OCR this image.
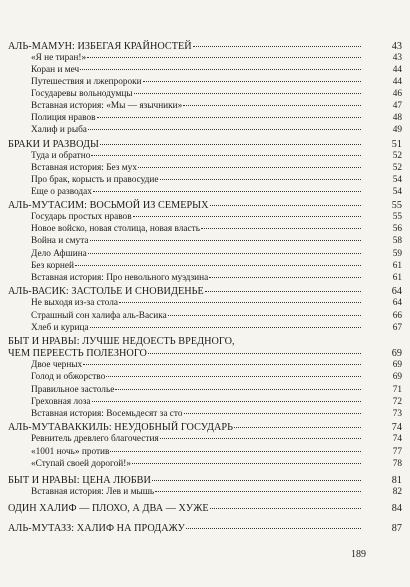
АЛЬ-МАМУН: ИЗБЕГАЯ КРАЙНОСТЕЙ	43
«Я не тиран!»	43
Коран и меч	44
Путешествия и лжепророки	44
Государевы вольнодумцы	46
Вставная история: «Мы — язычники»	47
Полиция нравов	48
Халиф и рыба	49
БРАКИ И РАЗВОДЫ	51
Туда и обратно	52
Вставная история: Без мух	52
Про брак, корысть и правосудие	54
Еще о разводах	54
АЛЬ-МУТАСИМ: ВОСЬМОЙ ИЗ СЕМЕРЫХ	55
Государь простых нравов	55
Новое войско, новая столица, новая власть	56
Война и смута	58
Дело Афшина	59
Без корней	61
Вставная история: Про невольного муэдзина	61
АЛЬ-ВАСИК: ЗАСТОЛЬЕ И СНОВИДЕНЬЕ	64
Не выходя из-за стола	64
Страшный сон халифа аль-Васика	66
Хлеб и курица	67
БЫТ И НРАВЫ: ЛУЧШЕ НЕДОЕСТЬ ВРЕДНОГО,
ЧЕМ ПЕРЕЕСТЬ ПОЛЕЗНОГО	69
Двое черных	69
Голод и обжорство	69
Правильное застолье	71
Греховная лоза	72
Вставная история: Восемьдесят за сто	73
АЛЬ-МУТАВАККИЛЬ: НЕУДОБНЫЙ ГОСУДАРЬ	74
Ревнитель древлего благочестия	74
«1001 ночь» против	77
«Ступай своей дорогой!»	78
БЫТ И НРАВЫ: ЦЕНА ЛЮБВИ	81
Вставная история: Лев и мышь	82
ОДИН ХАЛИФ — ПЛОХО, А ДВА — ХУЖЕ	84
АЛЬ-МУТАЗЗ: ХАЛИФ НА ПРОДАЖУ	87
189
